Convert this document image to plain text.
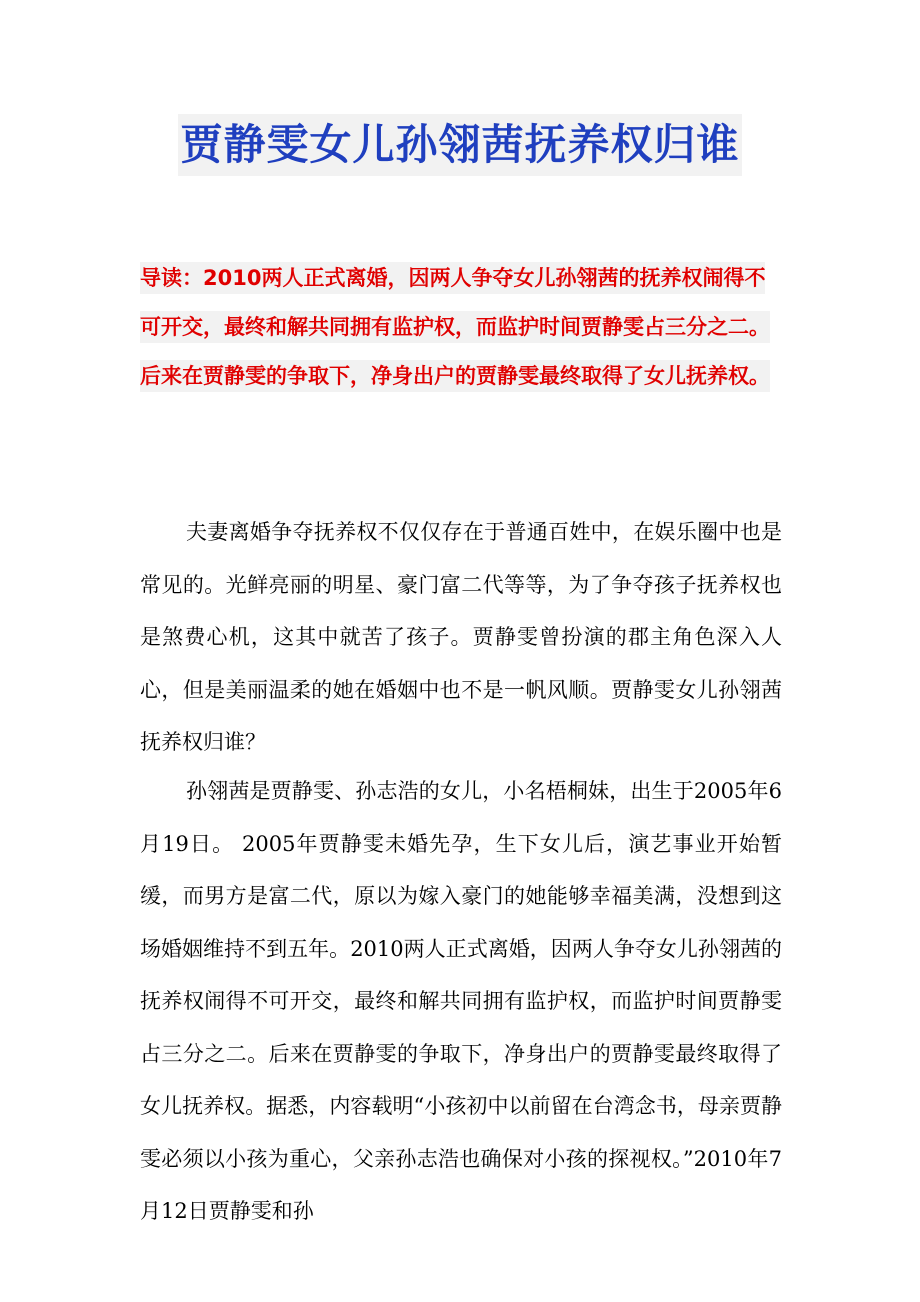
贾静雯女儿孙翎茜抚养权归谁
导读：2010两人正式离婚，因两人争夺女儿孙翎茜的抚养权闹得不可开交，最终和解共同拥有监护权，而监护时间贾静雯占三分之二。后来在贾静雯的争取下，净身出户的贾静雯最终取得了女儿抚养权。

夫妻离婚争夺抚养权不仅仅存在于普通百姓中，在娱乐圈中也是常见的。光鲜亮丽的明星、豪门富二代等等，为了争夺孩子抚养权也是煞费心机，这其中就苦了孩子。贾静雯曾扮演的郡主角色深入人心，但是美丽温柔的她在婚姻中也不是一帆风顺。贾静雯女儿孙翎茜抚养权归谁？

孙翎茜是贾静雯、孙志浩的女儿，小名梧桐妹，出生于2005年6月19日。 2005年贾静雯未婚先孕，生下女儿后，演艺事业开始暂缓，而男方是富二代，原以为嫁入豪门的她能够幸福美满，没想到这场婚姻维持不到五年。2010两人正式离婚，因两人争夺女儿孙翎茜的抚养权闹得不可开交，最终和解共同拥有监护权，而监护时间贾静雯占三分之二。后来在贾静雯的争取下，净身出户的贾静雯最终取得了女儿抚养权。据悉，内容载明“小孩初中以前留在台湾念书，母亲贾静雯必须以小孩为重心，父亲孙志浩也确保对小孩的探视权。”2010年7月12日贾静雯和孙
